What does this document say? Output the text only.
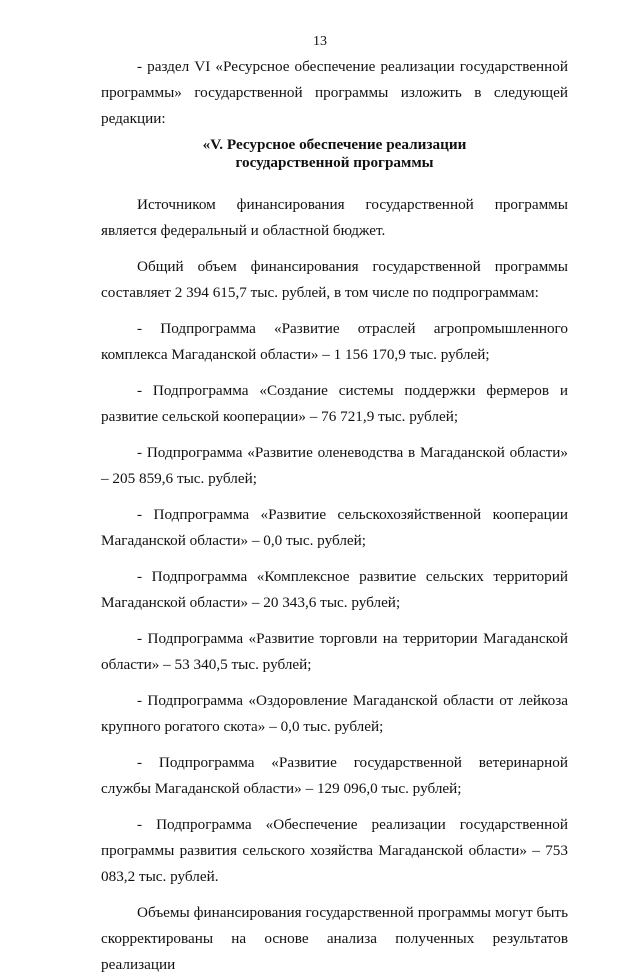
13

- раздел VI «Ресурсное обеспечение реализации государственной программы» государственной программы изложить в следующей редакции:

«V. Ресурсное обеспечение реализации
государственной программы

Источником финансирования государственной программы является федеральный и областной бюджет.

Общий объем финансирования государственной программы составляет 2 394 615,7 тыс. рублей, в том числе по подпрограммам:

- Подпрограмма «Развитие отраслей агропромышленного комплекса Магаданской области» – 1 156 170,9 тыс. рублей;

- Подпрограмма «Создание системы поддержки фермеров и развитие сельской кооперации» – 76 721,9 тыс. рублей;

- Подпрограмма «Развитие оленеводства в Магаданской области» – 205 859,6 тыс. рублей;

- Подпрограмма «Развитие сельскохозяйственной кооперации Магаданской области» – 0,0 тыс. рублей;

- Подпрограмма «Комплексное развитие сельских территорий Магаданской области» – 20 343,6 тыс. рублей;

- Подпрограмма «Развитие торговли на территории Магаданской области» – 53 340,5 тыс. рублей;

- Подпрограмма «Оздоровление Магаданской области от лейкоза крупного рогатого скота» – 0,0 тыс. рублей;

- Подпрограмма «Развитие государственной ветеринарной службы Магаданской области» – 129 096,0 тыс. рублей;

- Подпрограмма «Обеспечение реализации государственной программы развития сельского хозяйства Магаданской области» – 753 083,2 тыс. рублей.

Объемы финансирования государственной программы могут быть скорректированы на основе анализа полученных результатов реализации
